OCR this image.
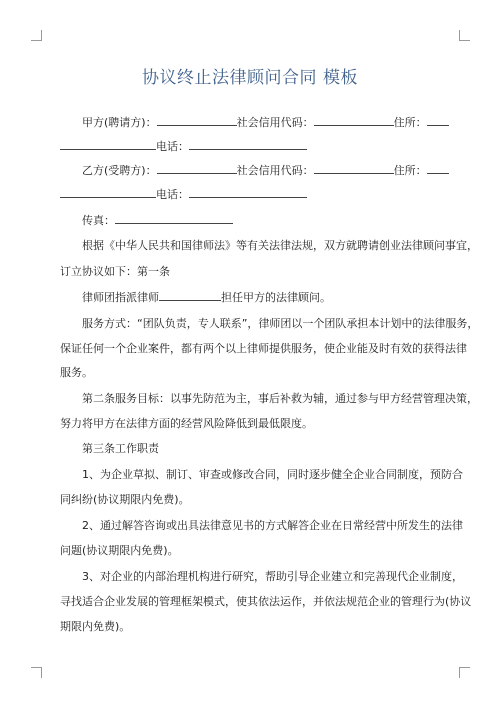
协议终止法律顾问合同 模板
甲方(聘请方)：	社会信用代码：	住所：
电话：
乙方(受聘方)：	社会信用代码：	住所：
电话：
传真：
根据《中华人民共和国律师法》等有关法律法规，双方就聘请创业法律顾问事宜，
订立协议如下：第一条
律师团指派律师	担任甲方的法律顾问。
服务方式：“团队负责，专人联系”，律师团以一个团队承担本计划中的法律服务，
保证任何一个企业案件，都有两个以上律师提供服务，使企业能及时有效的获得法律
服务。
第二条服务目标：以事先防范为主，事后补救为辅，通过参与甲方经营管理决策，
努力将甲方在法律方面的经营风险降低到最低限度。
第三条工作职责
1、为企业草拟、制订、审查或修改合同，同时逐步健全企业合同制度，预防合
同纠纷(协议期限内免费)。
2、通过解答咨询或出具法律意见书的方式解答企业在日常经营中所发生的法律
问题(协议期限内免费)。
3、对企业的内部治理机构进行研究，帮助引导企业建立和完善现代企业制度，
寻找适合企业发展的管理框架模式，使其依法运作，并依法规范企业的管理行为(协议
期限内免费)。
